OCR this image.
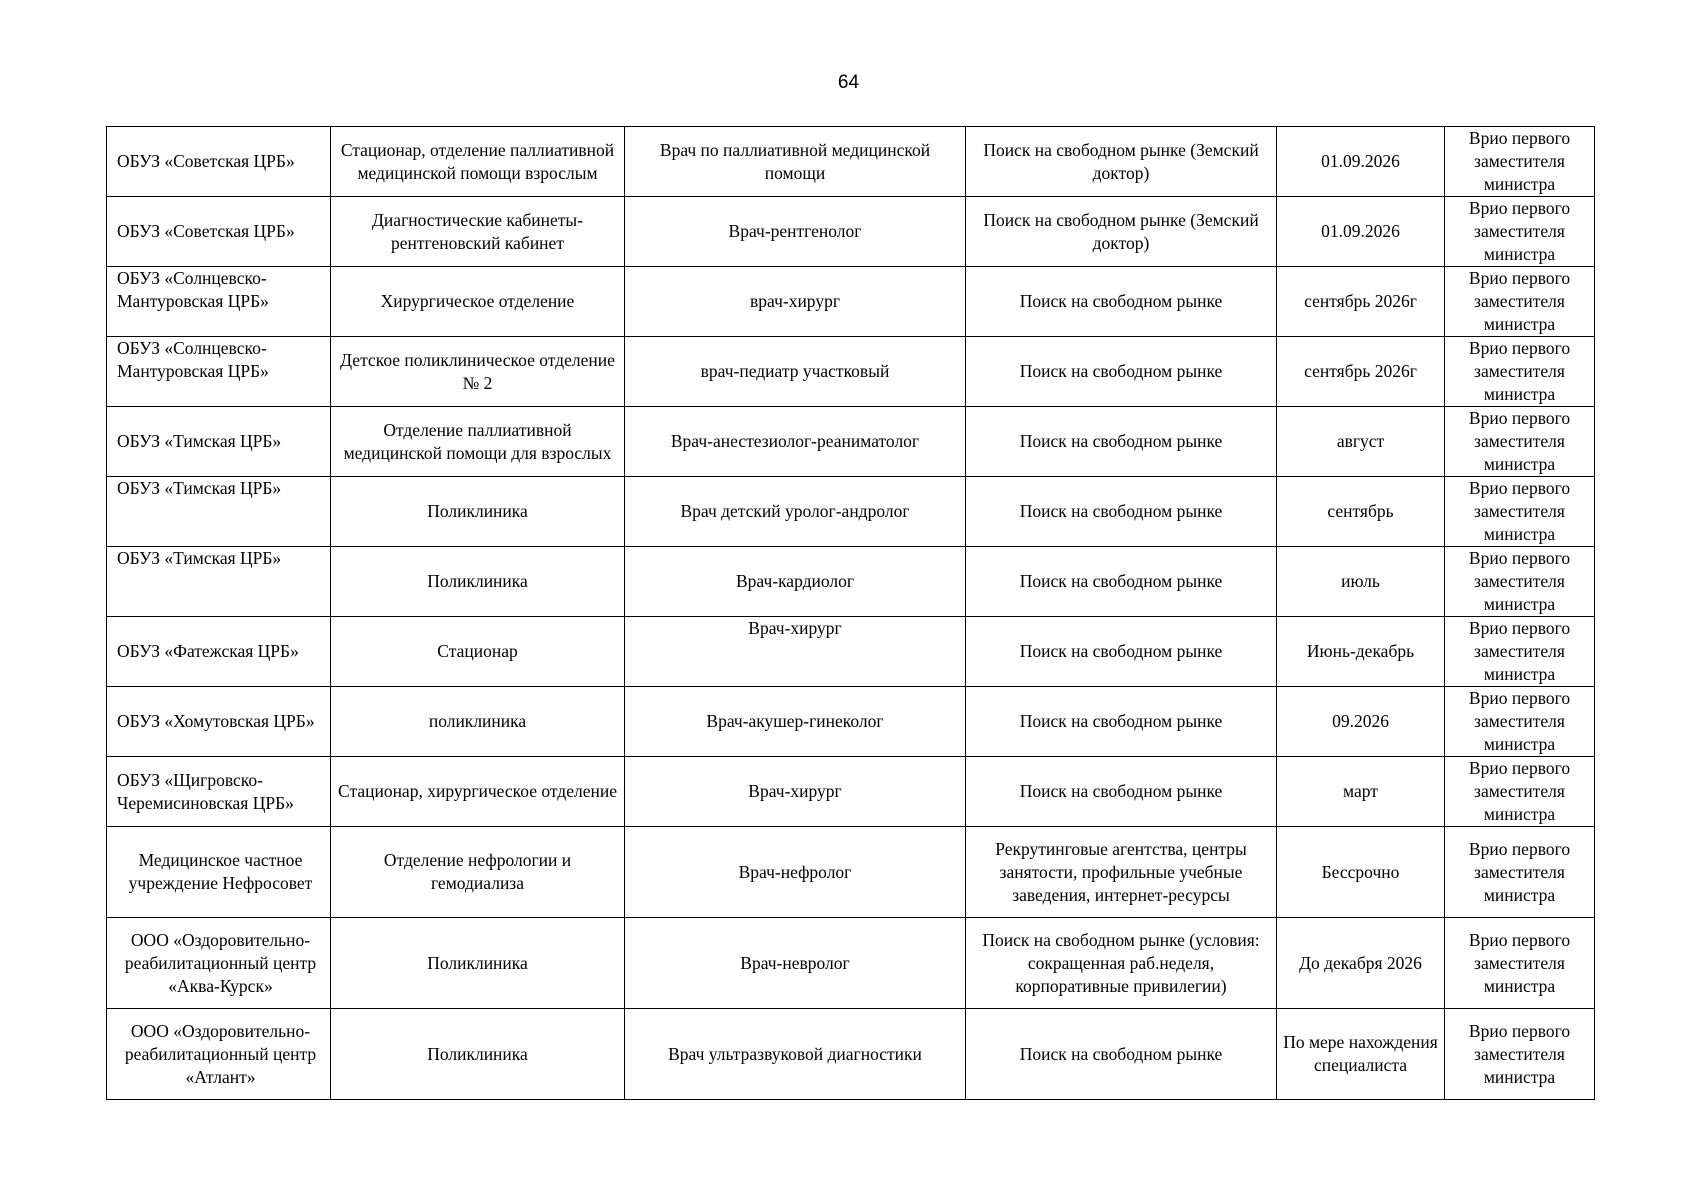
64
ОБУЗ «Советская ЦРБ»	Стационар, отделение паллиативной медицинской помощи взрослым	Врач по паллиативной медицинской помощи	Поиск на свободном рынке (Земский доктор)	01.09.2026	Врио первого заместителя министра
ОБУЗ «Советская ЦРБ»	Диагностические кабинеты-рентгеновский кабинет	Врач-рентгенолог	Поиск на свободном рынке (Земский доктор)	01.09.2026	Врио первого заместителя министра
ОБУЗ «Солнцевско-Мантуровская ЦРБ»	Хирургическое отделение	врач-хирург	Поиск на свободном рынке	сентябрь 2026г	Врио первого заместителя министра
ОБУЗ «Солнцевско-Мантуровская ЦРБ»	Детское поликлиническое отделение № 2	врач-педиатр участковый	Поиск на свободном рынке	сентябрь 2026г	Врио первого заместителя министра
ОБУЗ «Тимская ЦРБ»	Отделение паллиативной медицинской помощи для взрослых	Врач-анестезиолог-реаниматолог	Поиск на свободном рынке	август	Врио первого заместителя министра
ОБУЗ «Тимская ЦРБ»	Поликлиника	Врач детский уролог-андролог	Поиск на свободном рынке	сентябрь	Врио первого заместителя министра
ОБУЗ «Тимская ЦРБ»	Поликлиника	Врач-кардиолог	Поиск на свободном рынке	июль	Врио первого заместителя министра
ОБУЗ «Фатежская ЦРБ»	Стационар	Врач-хирург	Поиск на свободном рынке	Июнь-декабрь	Врио первого заместителя министра
ОБУЗ «Хомутовская ЦРБ»	поликлиника	Врач-акушер-гинеколог	Поиск на свободном рынке	09.2026	Врио первого заместителя министра
ОБУЗ «Щигровско-Черемисиновская ЦРБ»	Стационар, хирургическое отделение	Врач-хирург	Поиск на свободном рынке	март	Врио первого заместителя министра
Медицинское частное учреждение Нефросовет	Отделение нефрологии и гемодиализа	Врач-нефролог	Рекрутинговые агентства, центры занятости, профильные учебные заведения, интернет-ресурсы	Бессрочно	Врио первого заместителя министра
ООО «Оздоровительно-реабилитационный центр «Аква-Курск»	Поликлиника	Врач-невролог	Поиск на свободном рынке (условия: сокращенная раб.неделя, корпоративные привилегии)	До декабря 2026	Врио первого заместителя министра
ООО «Оздоровительно-реабилитационный центр «Атлант»	Поликлиника	Врач ультразвуковой диагностики	Поиск на свободном рынке	По мере нахождения специалиста	Врио первого заместителя министра
